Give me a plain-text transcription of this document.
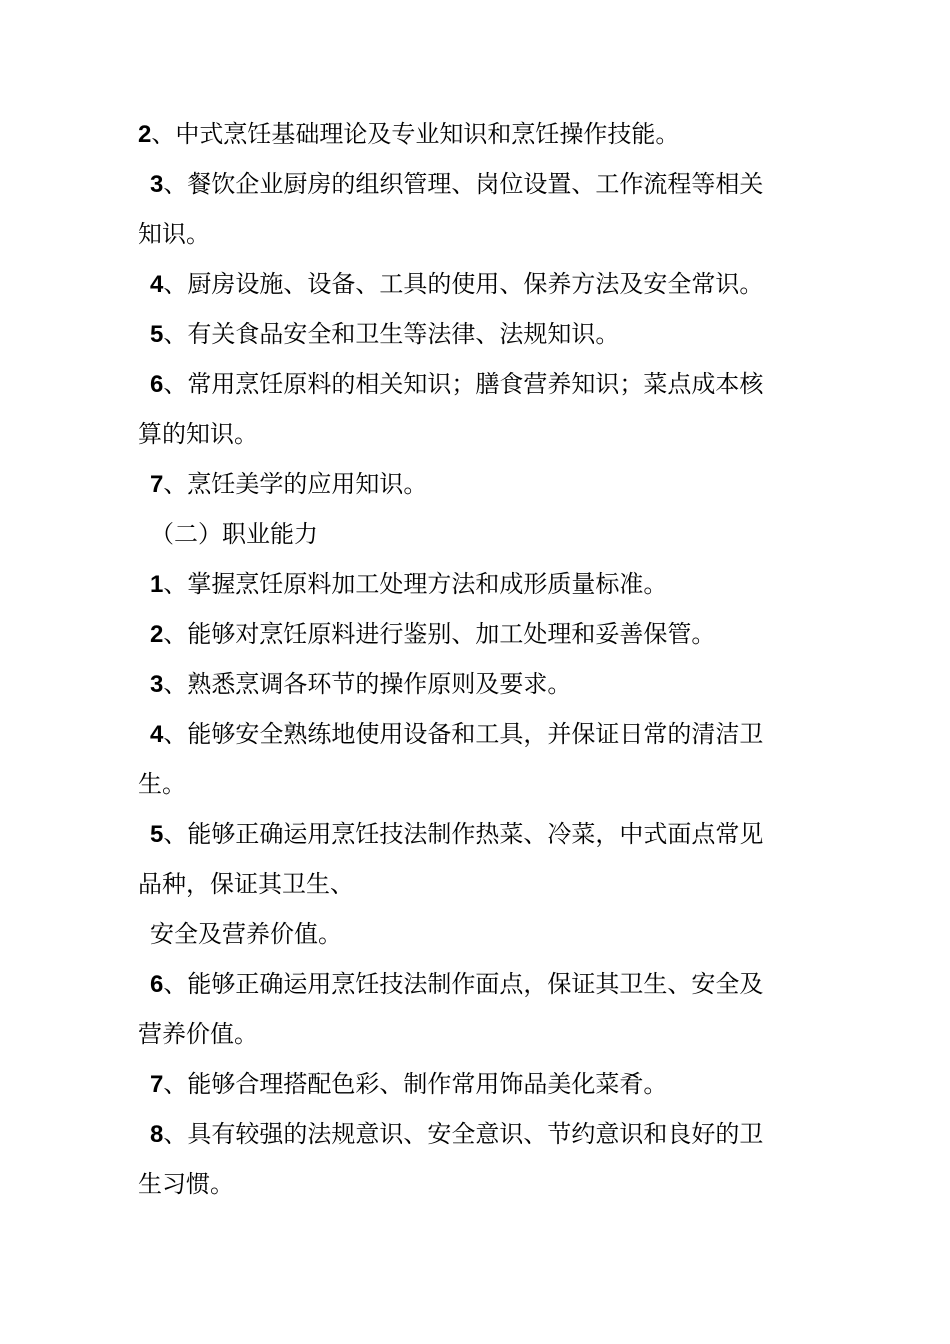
2、中式烹饪基础理论及专业知识和烹饪操作技能。
3、餐饮企业厨房的组织管理、岗位设置、工作流程等相关
知识。
4、厨房设施、设备、工具的使用、保养方法及安全常识。
5、有关食品安全和卫生等法律、法规知识。
6、常用烹饪原料的相关知识；膳食营养知识；菜点成本核
算的知识。
7、烹饪美学的应用知识。
（二）职业能力
1、掌握烹饪原料加工处理方法和成形质量标准。
2、能够对烹饪原料进行鉴别、加工处理和妥善保管。
3、熟悉烹调各环节的操作原则及要求。
4、能够安全熟练地使用设备和工具，并保证日常的清洁卫
生。
5、能够正确运用烹饪技法制作热菜、冷菜，中式面点常见
品种，保证其卫生、
安全及营养价值。
6、能够正确运用烹饪技法制作面点，保证其卫生、安全及
营养价值。
7、能够合理搭配色彩、制作常用饰品美化菜肴。
8、具有较强的法规意识、安全意识、节约意识和良好的卫
生习惯。
